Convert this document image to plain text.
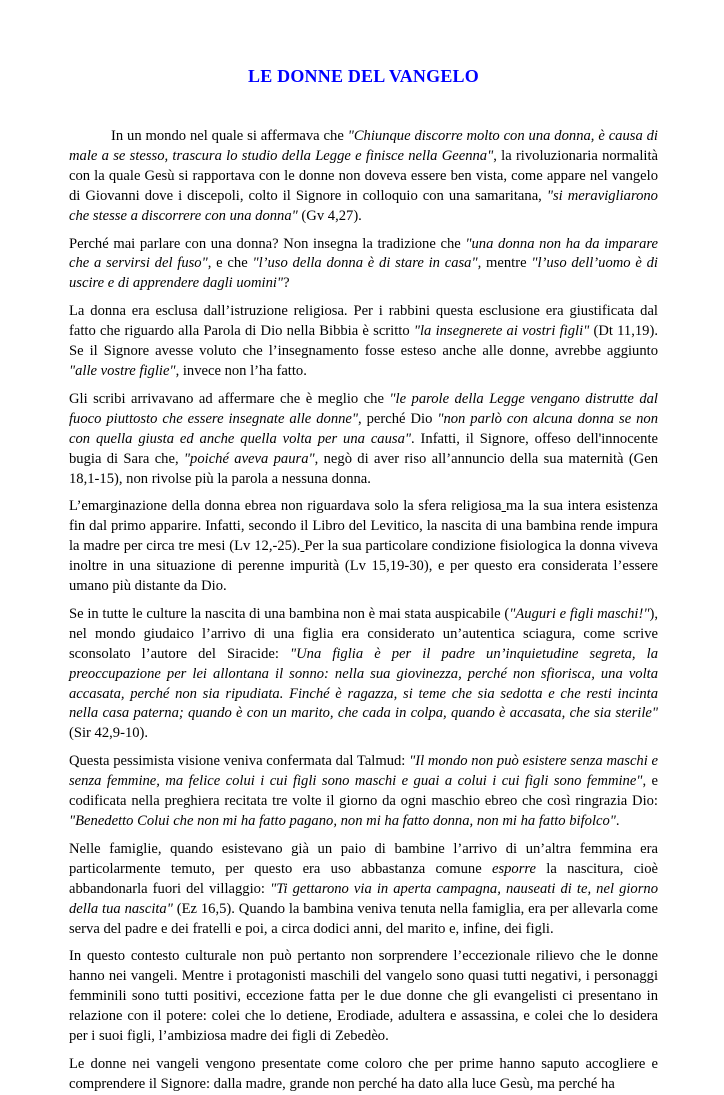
LE DONNE DEL VANGELO

In un mondo nel quale si affermava che "Chiunque discorre molto con una donna, è causa di male a se stesso, trascura lo studio della Legge e finisce nella Geenna", la rivoluzionaria normalità con la quale Gesù si rapportava con le donne non doveva essere ben vista, come appare nel vangelo di Giovanni dove i discepoli, colto il Signore in colloquio con una samaritana, "si meravigliarono che stesse a discorrere con una donna" (Gv 4,27).

Perché mai parlare con una donna? Non insegna la tradizione che "una donna non ha da imparare che a servirsi del fuso", e che "l’uso della donna è di stare in casa", mentre "l’uso dell’uomo è di uscire e di apprendere dagli uomini"?

La donna era esclusa dall’istruzione religiosa. Per i rabbini questa esclusione era giustificata dal fatto che riguardo alla Parola di Dio nella Bibbia è scritto "la insegnerete ai vostri figli" (Dt 11,19). Se il Signore avesse voluto che l’insegnamento fosse esteso anche alle donne, avrebbe aggiunto "alle vostre figlie", invece non l’ha fatto.

Gli scribi arrivavano ad affermare che è meglio che "le parole della Legge vengano distrutte dal fuoco piuttosto che essere insegnate alle donne", perché Dio "non parlò con alcuna donna se non con quella giusta ed anche quella volta per una causa". Infatti, il Signore, offeso dell'innocente bugia di Sara che, "poiché aveva paura", negò di aver riso all’annuncio della sua maternità (Gen 18,1-15), non rivolse più la parola a nessuna donna.

L’emarginazione della donna ebrea non riguardava solo la sfera religiosa ma la sua intera esistenza fin dal primo apparire. Infatti, secondo il Libro del Levitico, la nascita di una bambina rende impura la madre per circa tre mesi (Lv 12,-25). Per la sua particolare condizione fisiologica la donna viveva inoltre in una situazione di perenne impurità (Lv 15,19-30), e per questo era considerata l’essere umano più distante da Dio.

Se in tutte le culture la nascita di una bambina non è mai stata auspicabile ("Auguri e figli maschi!"), nel mondo giudaico l’arrivo di una figlia era considerato un’autentica sciagura, come scrive sconsolato l’autore del Siracide: "Una figlia è per il padre un’inquietudine segreta, la preoccupazione per lei allontana il sonno: nella sua giovinezza, perché non sfiorisca, una volta accasata, perché non sia ripudiata. Finché è ragazza, si teme che sia sedotta e che resti incinta nella casa paterna; quando è con un marito, che cada in colpa, quando è accasata, che sia sterile" (Sir 42,9-10).

Questa pessimista visione veniva confermata dal Talmud: "Il mondo non può esistere senza maschi e senza femmine, ma felice colui i cui figli sono maschi e guai a colui i cui figli sono femmine", e codificata nella preghiera recitata tre volte il giorno da ogni maschio ebreo che così ringrazia Dio: "Benedetto Colui che non mi ha fatto pagano, non mi ha fatto donna, non mi ha fatto bifolco".

Nelle famiglie, quando esistevano già un paio di bambine l’arrivo di un’altra femmina era particolarmente temuto, per questo era uso abbastanza comune esporre la nascitura, cioè abbandonarla fuori del villaggio: "Ti gettarono via in aperta campagna, nauseati di te, nel giorno della tua nascita" (Ez 16,5). Quando la bambina veniva tenuta nella famiglia, era per allevarla come serva del padre e dei fratelli e poi, a circa dodici anni, del marito e, infine, dei figli.

In questo contesto culturale non può pertanto non sorprendere l’eccezionale rilievo che le donne hanno nei vangeli. Mentre i protagonisti maschili del vangelo sono quasi tutti negativi, i personaggi femminili sono tutti positivi, eccezione fatta per le due donne che gli evangelisti ci presentano in relazione con il potere: colei che lo detiene, Erodiade, adultera e assassina, e colei che lo desidera per i suoi figli, l’ambiziosa madre dei figli di Zebedèo.

Le donne nei vangeli vengono presentate come coloro che per prime hanno saputo accogliere e comprendere il Signore: dalla madre, grande non perché ha dato alla luce Gesù, ma perché ha
